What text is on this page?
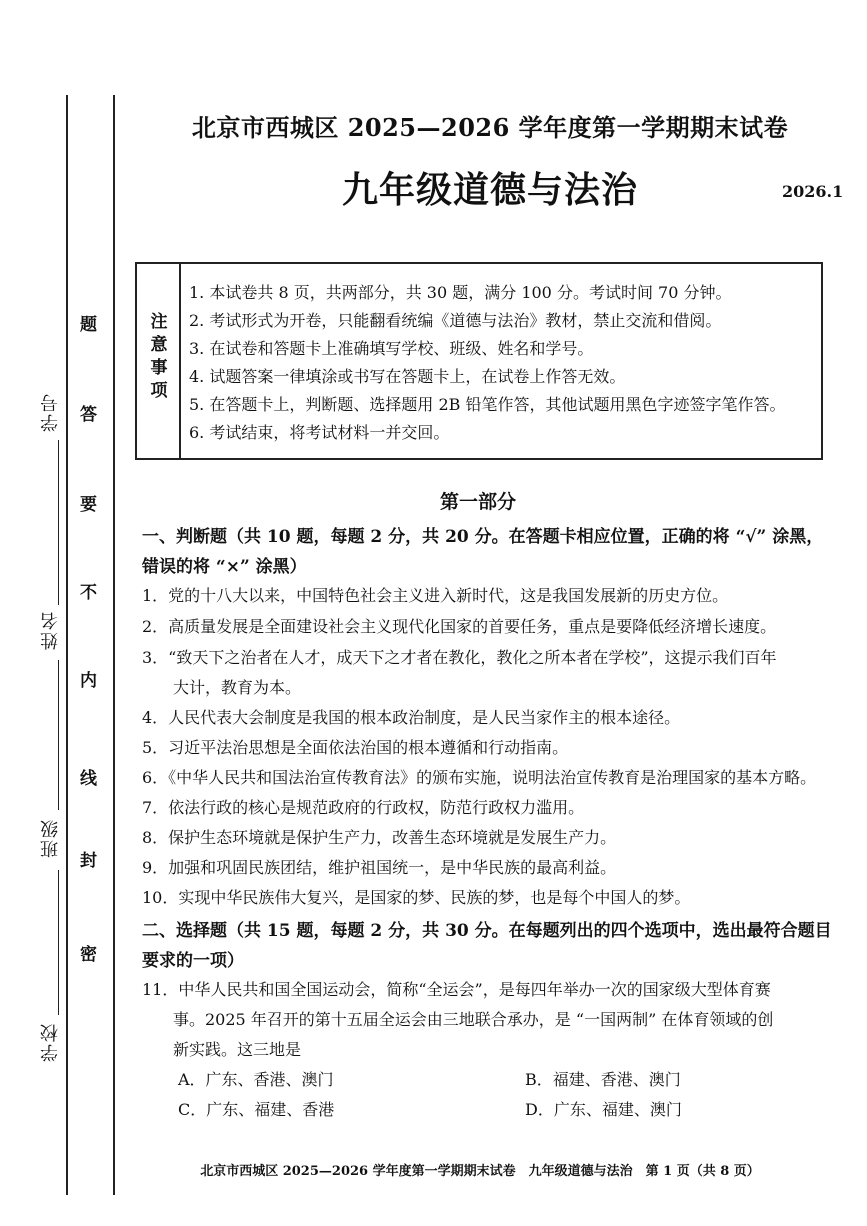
学校
班级
姓名
学号
密
封
线
内
不
要
答
题
北京市西城区 2025—2026 学年度第一学期期末试卷
九年级道德与法治	2026.1
注意事项
1. 本试卷共 8 页，共两部分，共 30 题，满分 100 分。考试时间 70 分钟。
2. 考试形式为开卷，只能翻看统编《道德与法治》教材，禁止交流和借阅。
3. 在试卷和答题卡上准确填写学校、班级、姓名和学号。
4. 试题答案一律填涂或书写在答题卡上，在试卷上作答无效。
5. 在答题卡上，判断题、选择题用 2B 铅笔作答，其他试题用黑色字迹签字笔作答。
6. 考试结束，将考试材料一并交回。
第一部分
一、判断题（共 10 题，每题 2 分，共 20 分。在答题卡相应位置，正确的将 “√” 涂黑，
错误的将 “×” 涂黑）
1．党的十八大以来，中国特色社会主义进入新时代，这是我国发展新的历史方位。
2．高质量发展是全面建设社会主义现代化国家的首要任务，重点是要降低经济增长速度。
3．“致天下之治者在人才，成天下之才者在教化，教化之所本者在学校”，这提示我们百年
大计，教育为本。
4．人民代表大会制度是我国的根本政治制度，是人民当家作主的根本途径。
5．习近平法治思想是全面依法治国的根本遵循和行动指南。
6．《中华人民共和国法治宣传教育法》的颁布实施，说明法治宣传教育是治理国家的基本方略。
7．依法行政的核心是规范政府的行政权，防范行政权力滥用。
8．保护生态环境就是保护生产力，改善生态环境就是发展生产力。
9．加强和巩固民族团结，维护祖国统一，是中华民族的最高利益。
10．实现中华民族伟大复兴，是国家的梦、民族的梦，也是每个中国人的梦。
二、选择题（共 15 题，每题 2 分，共 30 分。在每题列出的四个选项中，选出最符合题目
要求的一项）
11．中华人民共和国全国运动会，简称“全运会”，是每四年举办一次的国家级大型体育赛
事。2025 年召开的第十五届全运会由三地联合承办，是 “一国两制” 在体育领域的创
新实践。这三地是
A．广东、香港、澳门	B．福建、香港、澳门
C．广东、福建、香港	D．广东、福建、澳门
北京市西城区 2025—2026 学年度第一学期期末试卷　九年级道德与法治　第 1 页（共 8 页）
